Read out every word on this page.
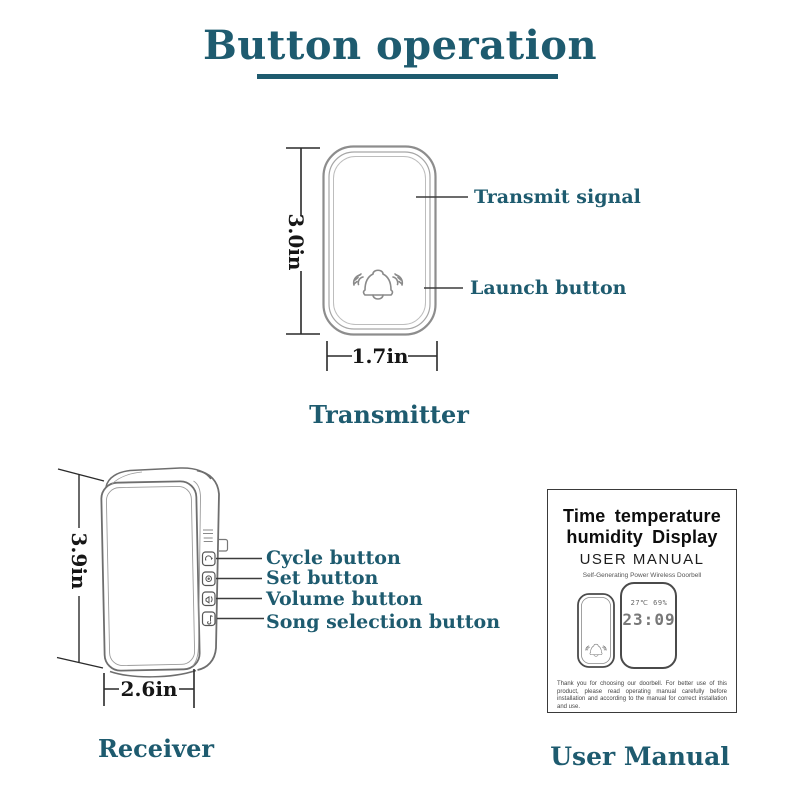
Time temperature
humidity Display
USER MANUAL
Self-Generating Power Wireless Doorbell
Thank you for choosing our doorbell. For better use of this product, please read operating manual carefully before installation and according to the manual for correct installation and use.
Button operation
3.0in
Transmit signal
Launch button
1.7in
Transmitter
3.9in	Cycle button
Set button
Volume button
Song selection button
2.6in
Receiver
27℃ 69%
23:09
User Manual
